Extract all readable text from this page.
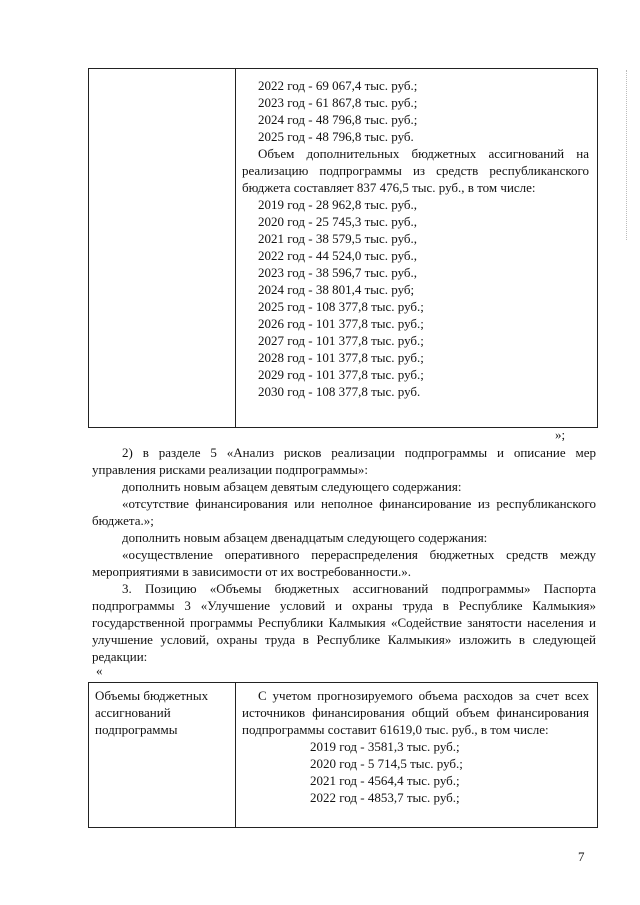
2022 год - 69 067,4 тыс. руб.;
2023 год - 61 867,8 тыс. руб.;
2024 год - 48 796,8 тыс. руб.;
2025 год - 48 796,8 тыс. руб.
Объем дополнительных бюджетных ассигнований на реализацию подпрограммы из средств республиканского бюджета составляет 837 476,5 тыс. руб., в том числе:
2019 год - 28 962,8 тыс. руб.,
2020 год - 25 745,3 тыс. руб.,
2021 год - 38 579,5 тыс. руб.,
2022 год - 44 524,0 тыс. руб.,
2023 год - 38 596,7 тыс. руб.,
2024 год - 38 801,4 тыс. руб;
2025 год - 108 377,8 тыс. руб.;
2026 год - 101 377,8 тыс. руб.;
2027 год - 101 377,8 тыс. руб.;
2028 год - 101 377,8 тыс. руб.;
2029 год - 101 377,8 тыс. руб.;
2030 год - 108 377,8 тыс. руб.
»;

2) в разделе 5 «Анализ рисков реализации подпрограммы и описание мер управления рисками реализации подпрограммы»:

дополнить новым абзацем девятым следующего содержания:

«отсутствие финансирования или неполное финансирование из республиканского бюджета.»;

дополнить новым абзацем двенадцатым следующего содержания:

«осуществление оперативного перераспределения бюджетных средств между мероприятиями в зависимости от их востребованности.».

3. Позицию «Объемы бюджетных ассигнований подпрограммы» Паспорта подпрограммы 3 «Улучшение условий и охраны труда в Республике Калмыкия» государственной программы Республики Калмыкия «Содействие занятости населения и улучшение условий, охраны труда в Республике Калмыкия» изложить в следующей редакции:

«
Объемы бюджетных ассигнований подпрограммы
С учетом прогнозируемого объема расходов за счет всех источников финансирования общий объем финансирования подпрограммы составит 61619,0 тыс. руб., в том числе:
2019 год - 3581,3 тыс. руб.;
2020 год - 5 714,5 тыс. руб.;
2021 год - 4564,4 тыс. руб.;
2022 год - 4853,7 тыс. руб.;
7
